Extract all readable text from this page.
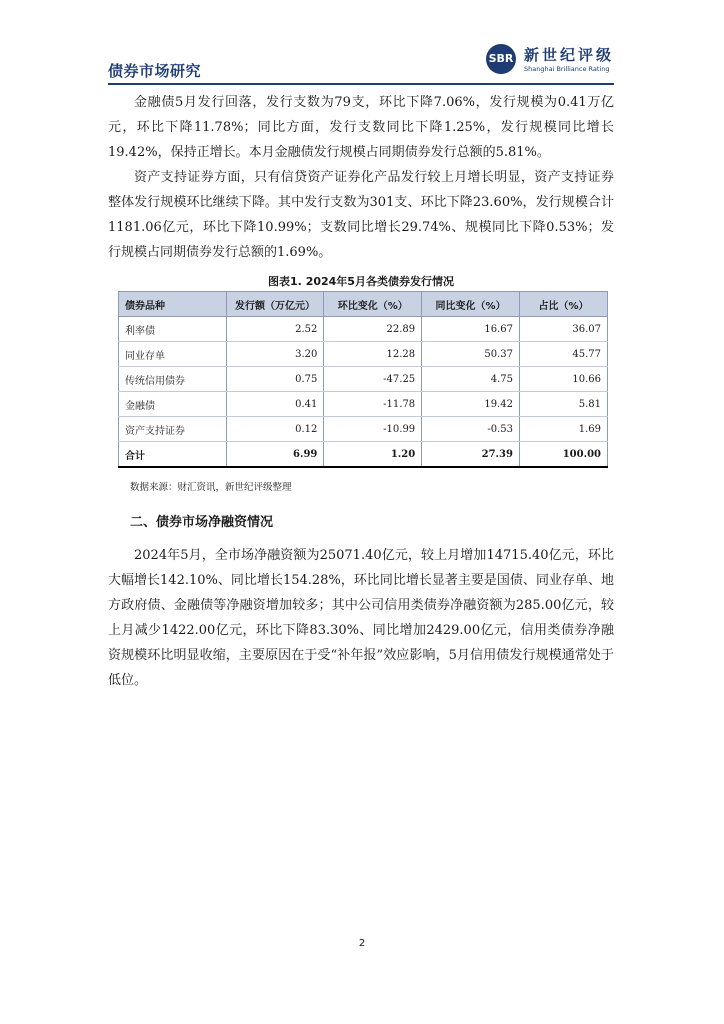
债券市场研究
SBR 新世纪评级
Shanghai Brilliance Rating

金融债5月发行回落，发行支数为79支，环比下降7.06%，发行规模为0.41万亿元，环比下降11.78%；同比方面，发行支数同比下降1.25%，发行规模同比增长19.42%，保持正增长。本月金融债发行规模占同期债券发行总额的5.81%。

资产支持证券方面，只有信贷资产证券化产品发行较上月增长明显，资产支持证券整体发行规模环比继续下降。其中发行支数为301支、环比下降23.60%，发行规模合计1181.06亿元，环比下降10.99%；支数同比增长29.74%、规模同比下降0.53%；发行规模占同期债券发行总额的1.69%。

图表1. 2024年5月各类债券发行情况
债券品种	发行额（万亿元）	环比变化（%）	同比变化（%）	占比（%）
利率债	2.52	22.89	16.67	36.07
同业存单	3.20	12.28	50.37	45.77
传统信用债券	0.75	-47.25	4.75	10.66
金融债	0.41	-11.78	19.42	5.81
资产支持证券	0.12	-10.99	-0.53	1.69
合计	6.99	1.20	27.39	100.00
数据来源：财汇资讯，新世纪评级整理
二、债券市场净融资情况

2024年5月，全市场净融资额为25071.40亿元，较上月增加14715.40亿元，环比大幅增长142.10%、同比增长154.28%，环比同比增长显著主要是国债、同业存单、地方政府债、金融债等净融资增加较多；其中公司信用类债券净融资额为285.00亿元，较上月减少1422.00亿元，环比下降83.30%、同比增加2429.00亿元，信用类债券净融资规模环比明显收缩，主要原因在于受“补年报”效应影响，5月信用债发行规模通常处于低位。

2
